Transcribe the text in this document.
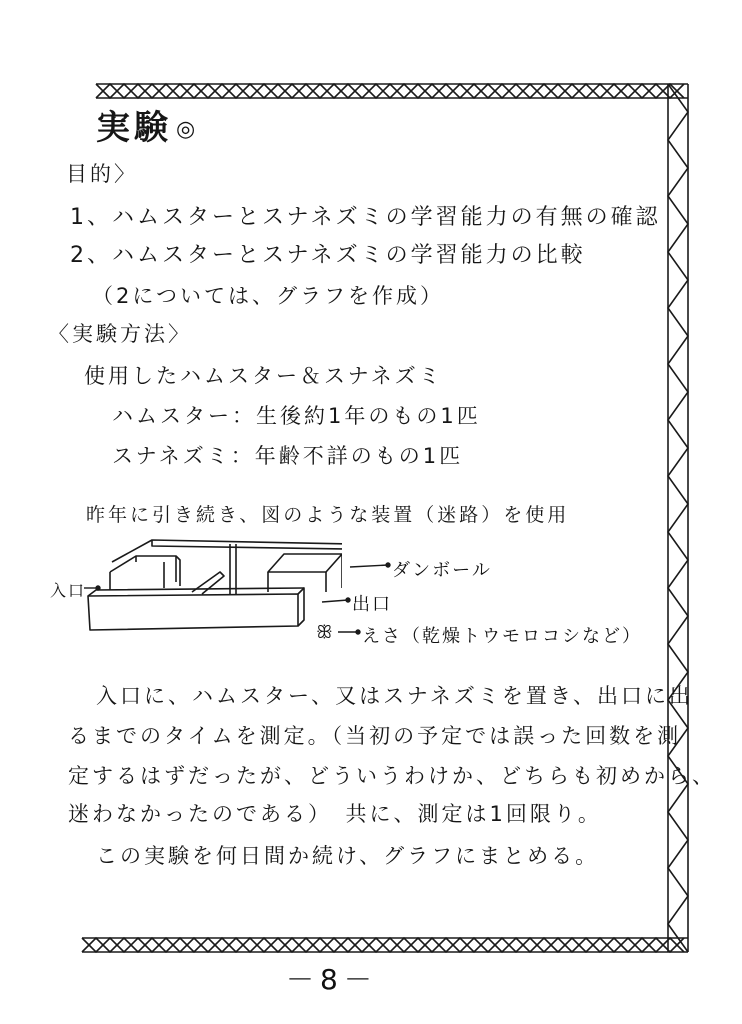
実験 ◎
目的〉
1、ハムスターとスナネズミの学習能力の有無の確認
2、ハムスターとスナネズミの学習能力の比較
（2については、グラフを作成）
〈実験方法〉
使用したハムスター＆スナネズミ
ハムスター：生後約1年のもの1匹
スナネズミ：年齢不詳のもの1匹
昨年に引き続き、図のような装置（迷路）を使用
入口
ダンボール
出口
ꕥ えさ（乾燥トウモロコシなど）
入口に、ハムスター、又はスナネズミを置き、出口に出
るまでのタイムを測定。（当初の予定では誤った回数を測
定するはずだったが、どういうわけか、どちらも初めから、
迷わなかったのである）　共に、測定は1回限り。
この実験を何日間か続け、グラフにまとめる。
－8－
